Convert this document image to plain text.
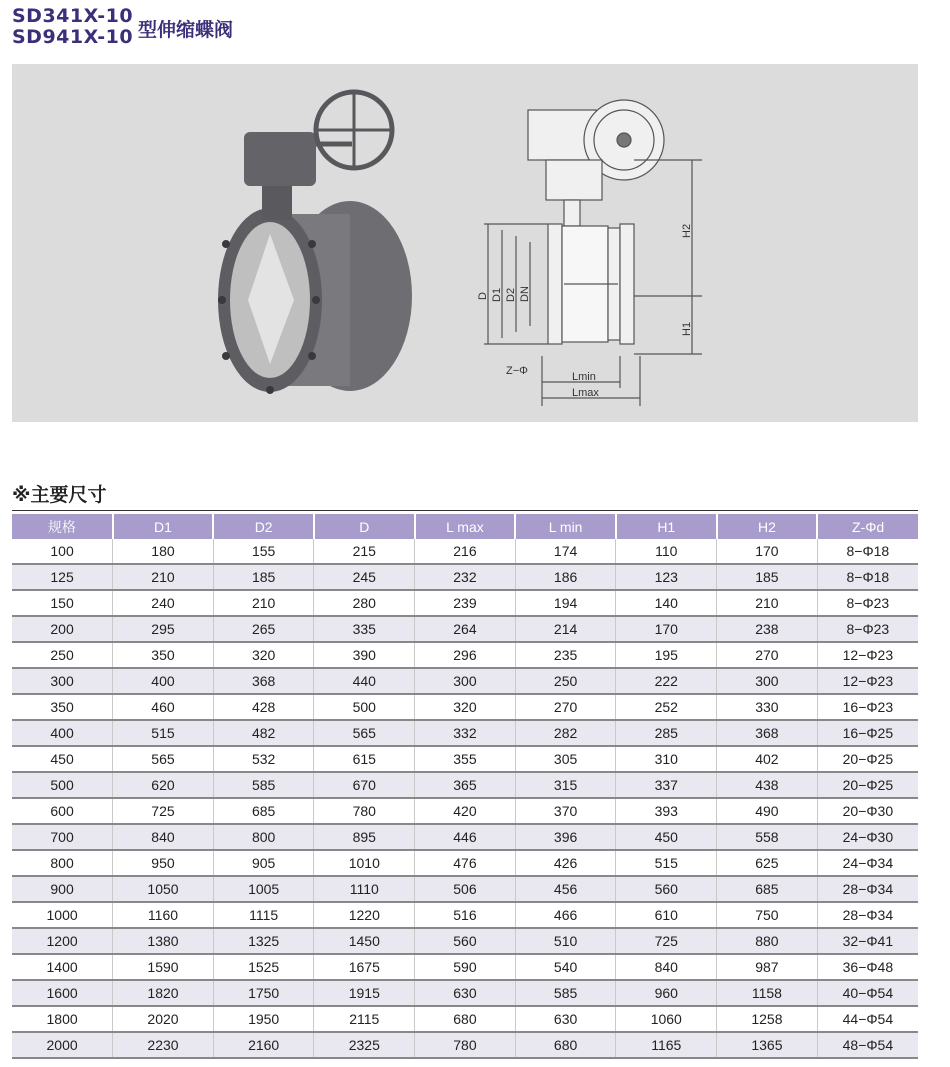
SD341X-10
SD941X-10 型伸缩蝶阀
D D1 D2 DN
H2
H1
Z−Φ	Lmin
Lmax
※主要尺寸
规格	D1	D2	D	L max	L min	H1	H2	Z-Φd
100	180	155	215	216	174	110	170	8−Φ18
125	210	185	245	232	186	123	185	8−Φ18
150	240	210	280	239	194	140	210	8−Φ23
200	295	265	335	264	214	170	238	8−Φ23
250	350	320	390	296	235	195	270	12−Φ23
300	400	368	440	300	250	222	300	12−Φ23
350	460	428	500	320	270	252	330	16−Φ23
400	515	482	565	332	282	285	368	16−Φ25
450	565	532	615	355	305	310	402	20−Φ25
500	620	585	670	365	315	337	438	20−Φ25
600	725	685	780	420	370	393	490	20−Φ30
700	840	800	895	446	396	450	558	24−Φ30
800	950	905	1010	476	426	515	625	24−Φ34
900	1050	1005	1110	506	456	560	685	28−Φ34
1000	1160	1115	1220	516	466	610	750	28−Φ34
1200	1380	1325	1450	560	510	725	880	32−Φ41
1400	1590	1525	1675	590	540	840	987	36−Φ48
1600	1820	1750	1915	630	585	960	1158	40−Φ54
1800	2020	1950	2115	680	630	1060	1258	44−Φ54
2000	2230	2160	2325	780	680	1165	1365	48−Φ54
